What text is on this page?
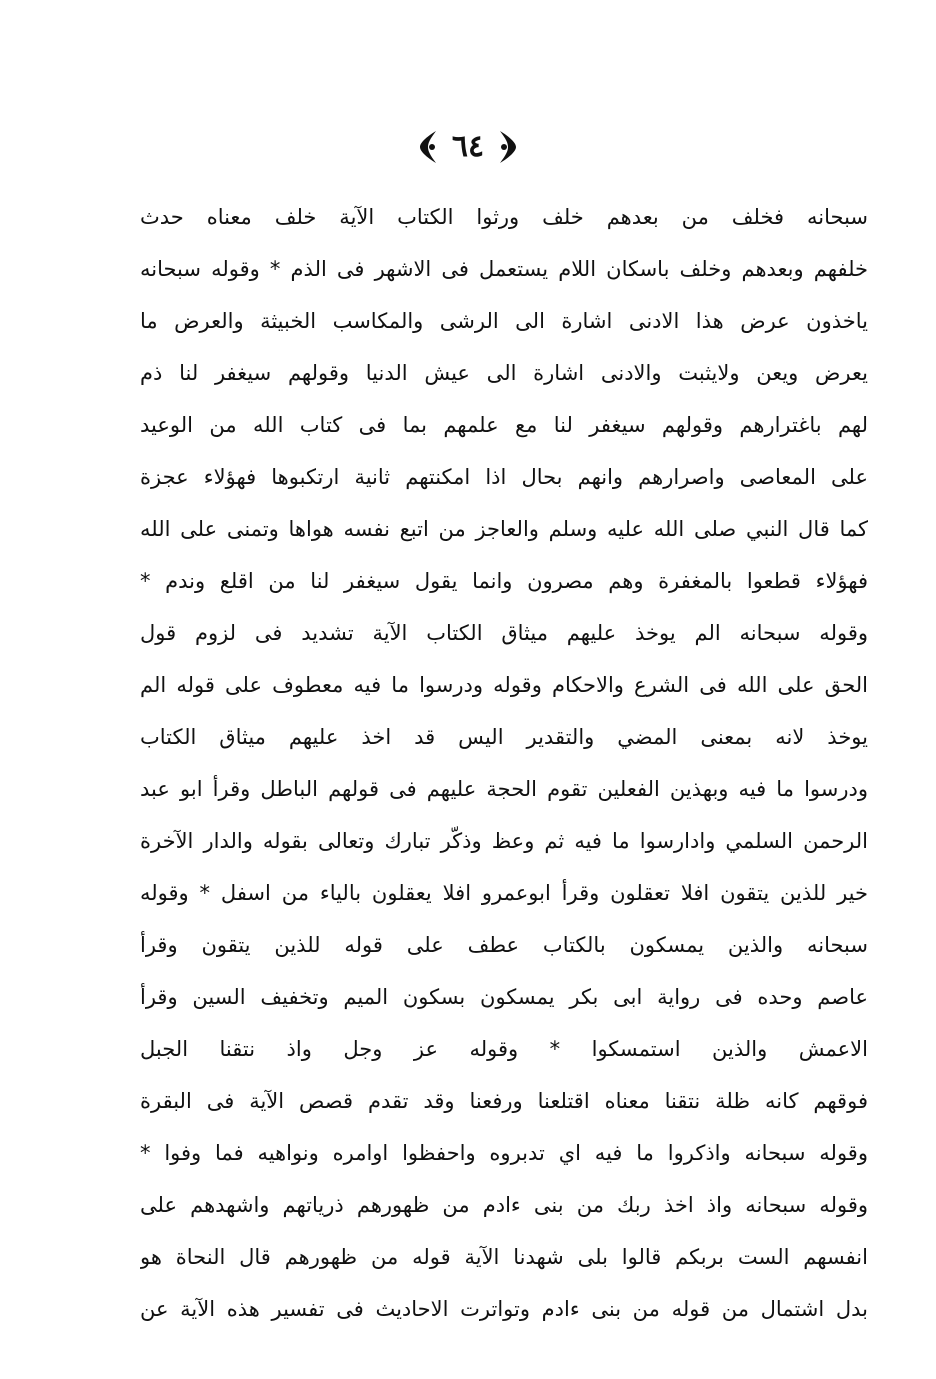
٦٤
سبحانه فخلف من بعدهم خلف ورثوا الكتاب الآية خلف معناه حدث
خلفهم وبعدهم وخلف باسكان اللام يستعمل فى الاشهر فى الذم * وقوله سبحانه
ياخذون عرض هذا الادنى اشارة الى الرشى والمكاسب الخبيثة والعرض ما
يعرض ويعن ولايثبت والادنى اشارة الى عيش الدنيا وقولهم سيغفر لنا ذم
لهم باغترارهم وقولهم سيغفر لنا مع علمهم بما فى كتاب الله من الوعيد
على المعاصى واصرارهم وانهم بحال اذا امكنتهم ثانية ارتكبوها فهؤلاء عجزة
كما قال النبي صلى الله عليه وسلم والعاجز من اتبع نفسه هواها وتمنى على الله
فهؤلاء قطعوا بالمغفرة وهم مصرون وانما يقول سيغفر لنا من اقلع وندم *
وقوله سبحانه الم يوخذ عليهم ميثاق الكتاب الآية تشديد فى لزوم قول
الحق على الله فى الشرع والاحكام وقوله ودرسوا ما فيه معطوف على قوله الم
يوخذ لانه بمعنى المضي والتقدير اليس قد اخذ عليهم ميثاق الكتاب
ودرسوا ما فيه وبهذين الفعلين تقوم الحجة عليهم فى قولهم الباطل وقرأ ابو عبد
الرحمن السلمي وادارسوا ما فيه ثم وعظ وذكّر تبارك وتعالى بقوله والدار الآخرة
خير للذين يتقون افلا تعقلون وقرأ ابوعمرو افلا يعقلون بالياء من اسفل * وقوله
سبحانه والذين يمسكون بالكتاب عطف على قوله للذين يتقون وقرأ
عاصم وحده فى رواية ابى بكر يمسكون بسكون الميم وتخفيف السين وقرأ
الاعمش والذين استمسكوا * وقوله عز وجل واذ نتقنا الجبل
فوقهم كانه ظلة نتقنا معناه اقتلعنا ورفعنا وقد تقدم قصص الآية فى البقرة
وقوله سبحانه واذكروا ما فيه اي تدبروه واحفظوا اوامره ونواهيه فما وفوا *
وقوله سبحانه واذ اخذ ربك من بنى ءادم من ظهورهم ذرياتهم واشهدهم على
انفسهم الست بربكم قالوا بلى شهدنا الآية قوله من ظهورهم قال النحاة هو
بدل اشتمال من قوله من بنى ءادم وتواترت الاحاديث فى تفسير هذه الآية عن
